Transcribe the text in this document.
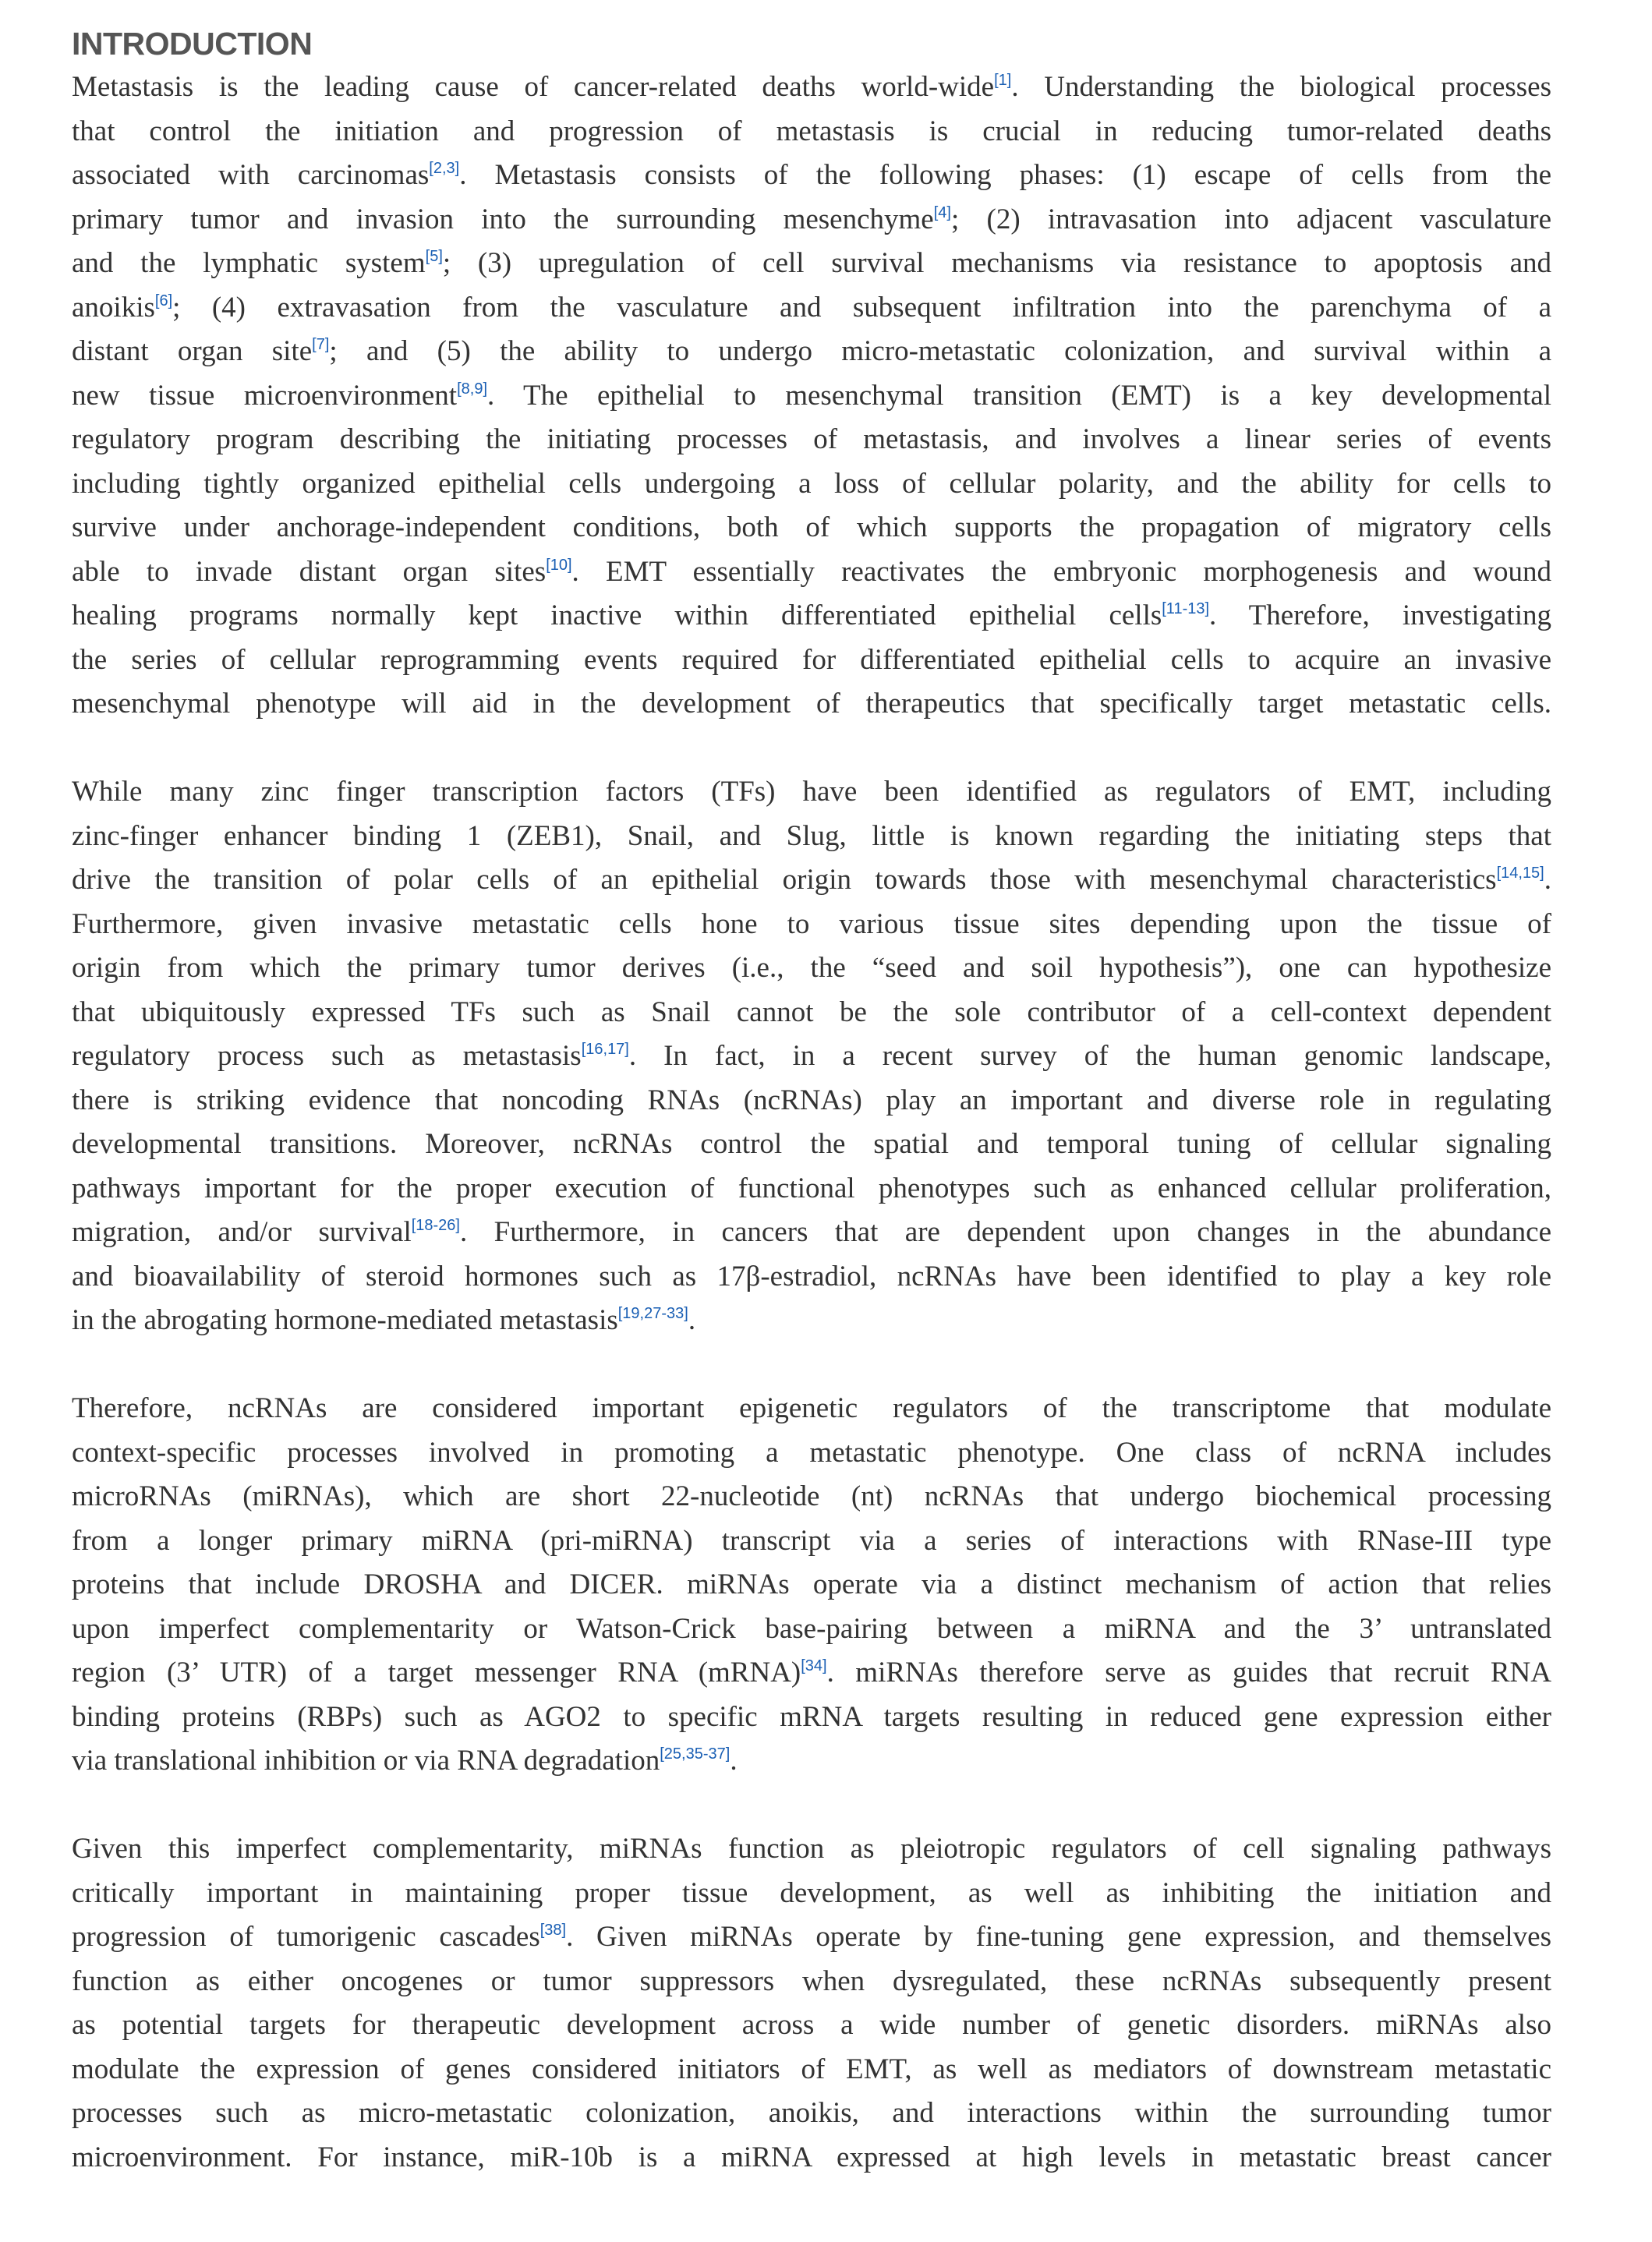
INTRODUCTION
Metastasis is the leading cause of cancer-related deaths world-wide[1]. Understanding the biological processes
that control the initiation and progression of metastasis is crucial in reducing tumor-related deaths
associated with carcinomas[2,3]. Metastasis consists of the following phases: (1) escape of cells from the
primary tumor and invasion into the surrounding mesenchyme[4]; (2) intravasation into adjacent vasculature
and the lymphatic system[5]; (3) upregulation of cell survival mechanisms via resistance to apoptosis and
anoikis[6]; (4) extravasation from the vasculature and subsequent infiltration into the parenchyma of a
distant organ site[7]; and (5) the ability to undergo micro-metastatic colonization, and survival within a
new tissue microenvironment[8,9]. The epithelial to mesenchymal transition (EMT) is a key developmental
regulatory program describing the initiating processes of metastasis, and involves a linear series of events
including tightly organized epithelial cells undergoing a loss of cellular polarity, and the ability for cells to
survive under anchorage-independent conditions, both of which supports the propagation of migratory cells
able to invade distant organ sites[10]. EMT essentially reactivates the embryonic morphogenesis and wound
healing programs normally kept inactive within differentiated epithelial cells[11-13]. Therefore, investigating
the series of cellular reprogramming events required for differentiated epithelial cells to acquire an invasive
mesenchymal phenotype will aid in the development of therapeutics that specifically target metastatic cells.
While many zinc finger transcription factors (TFs) have been identified as regulators of EMT, including
zinc-finger enhancer binding 1 (ZEB1), Snail, and Slug, little is known regarding the initiating steps that
drive the transition of polar cells of an epithelial origin towards those with mesenchymal characteristics[14,15].
Furthermore, given invasive metastatic cells hone to various tissue sites depending upon the tissue of
origin from which the primary tumor derives (i.e., the “seed and soil hypothesis”), one can hypothesize
that ubiquitously expressed TFs such as Snail cannot be the sole contributor of a cell-context dependent
regulatory process such as metastasis[16,17]. In fact, in a recent survey of the human genomic landscape,
there is striking evidence that noncoding RNAs (ncRNAs) play an important and diverse role in regulating
developmental transitions. Moreover, ncRNAs control the spatial and temporal tuning of cellular signaling
pathways important for the proper execution of functional phenotypes such as enhanced cellular proliferation,
migration, and/or survival[18-26]. Furthermore, in cancers that are dependent upon changes in the abundance
and bioavailability of steroid hormones such as 17β-estradiol, ncRNAs have been identified to play a key role
in the abrogating hormone-mediated metastasis[19,27-33].
Therefore, ncRNAs are considered important epigenetic regulators of the transcriptome that modulate
context-specific processes involved in promoting a metastatic phenotype. One class of ncRNA includes
microRNAs (miRNAs), which are short 22-nucleotide (nt) ncRNAs that undergo biochemical processing
from a longer primary miRNA (pri-miRNA) transcript via a series of interactions with RNase-III type
proteins that include DROSHA and DICER. miRNAs operate via a distinct mechanism of action that relies
upon imperfect complementarity or Watson-Crick base-pairing between a miRNA and the 3’ untranslated
region (3’ UTR) of a target messenger RNA (mRNA)[34]. miRNAs therefore serve as guides that recruit RNA
binding proteins (RBPs) such as AGO2 to specific mRNA targets resulting in reduced gene expression either
via translational inhibition or via RNA degradation[25,35-37].
Given this imperfect complementarity, miRNAs function as pleiotropic regulators of cell signaling pathways
critically important in maintaining proper tissue development, as well as inhibiting the initiation and
progression of tumorigenic cascades[38]. Given miRNAs operate by fine-tuning gene expression, and themselves
function as either oncogenes or tumor suppressors when dysregulated, these ncRNAs subsequently present
as potential targets for therapeutic development across a wide number of genetic disorders. miRNAs also
modulate the expression of genes considered initiators of EMT, as well as mediators of downstream metastatic
processes such as micro-metastatic colonization, anoikis, and interactions within the surrounding tumor
microenvironment. For instance, miR-10b is a miRNA expressed at high levels in metastatic breast cancer
